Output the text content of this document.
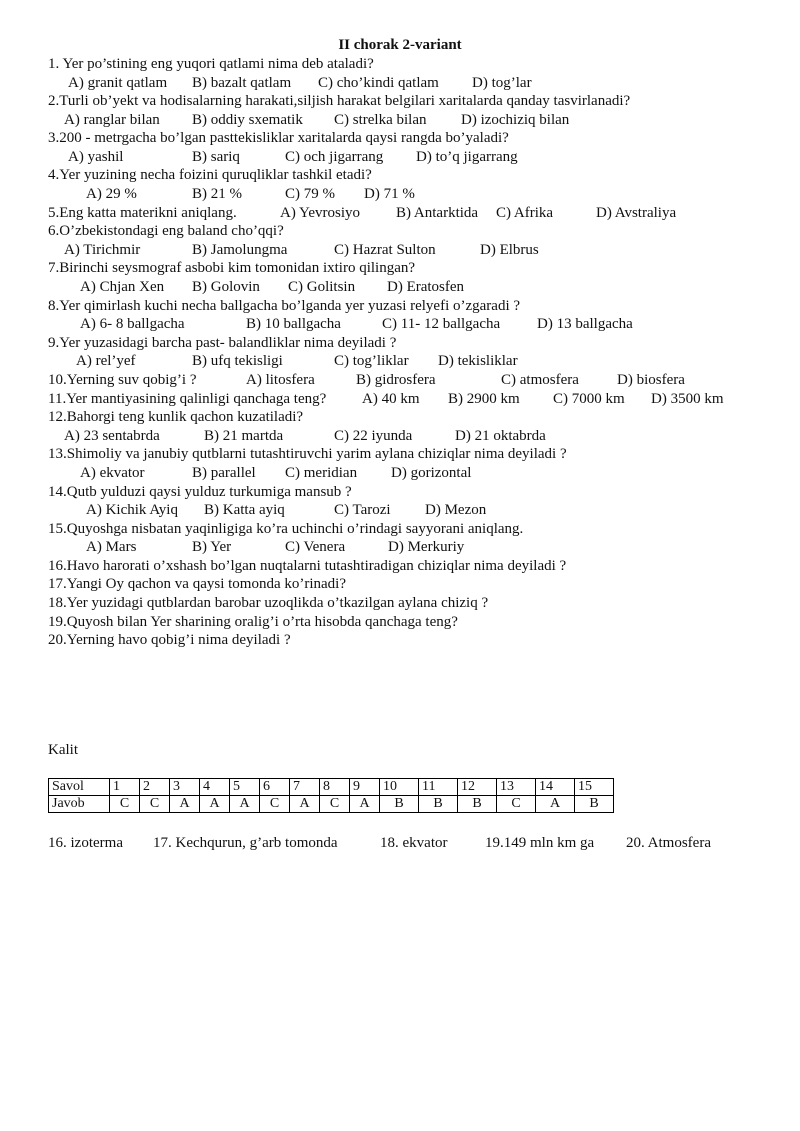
II chorak 2-variant
1. Yer po’stining eng yuqori qatlami nima deb ataladi?
A) granit qatlam B) bazalt qatlam C) cho’kindi qatlam D) tog’lar
2.Turli ob’yekt va hodisalarning harakati,siljish harakat belgilari xaritalarda qanday tasvirlanadi?
A) ranglar bilan B) oddiy sxematik C) strelka bilan D) izochiziq bilan
3.200 - metrgacha bo’lgan pasttekisliklar xaritalarda qaysi rangda bo’yaladi?
A) yashil	B) sariq	C) och jigarrang D) to’q jigarrang
4.Yer yuzining necha foizini quruqliklar tashkil etadi?
A) 29 %	B) 21 %	C) 79 % D) 71 %
5.Eng katta materikni aniqlang.	A) Yevrosiyo B) Antarktida C) Afrika	D) Avstraliya
6.O’zbekistondagi eng baland cho’qqi?
A) Tirichmir	B) Jamolungma	C) Hazrat Sulton	D) Elbrus
7.Birinchi seysmograf asbobi kim tomonidan ixtiro qilingan?
A) Chjan Xen B) Golovin C) Golitsin D) Eratosfen
8.Yer qimirlash kuchi necha ballgacha bo’lganda yer yuzasi relyefi o’zgaradi ?
A) 6- 8 ballgacha	B) 10 ballgacha	C) 11- 12 ballgacha D) 13 ballgacha
9.Yer yuzasidagi barcha past- balandliklar nima deyiladi ?
A) rel’yef	B) ufq tekisligi	C) tog’liklar D) tekisliklar
10.Yerning suv qobig’i ?	A) litosfera	B) gidrosfera	C) atmosfera	D) biosfera
11.Yer mantiyasining qalinligi qanchaga teng? A) 40 km B) 2900 km C) 7000 km D) 3500 km
12.Bahorgi teng kunlik qachon kuzatiladi?
A) 23 sentabrda	B) 21 martda	C) 22 iyunda	D) 21 oktabrda
13.Shimoliy va janubiy qutblarni tutashtiruvchi yarim aylana chiziqlar nima deyiladi ?
A) ekvator	B) parallel C) meridian D) gorizontal
14.Qutb yulduzi qaysi yulduz turkumiga mansub ?
A) Kichik Ayiq B) Katta ayiq	C) Tarozi D) Mezon
15.Quyoshga nisbatan yaqinligiga ko’ra uchinchi o’rindagi sayyorani aniqlang.
A) Mars	B) Yer	C) Venera	D) Merkuriy
16.Havo harorati o’xshash bo’lgan nuqtalarni tutashtiradigan chiziqlar nima deyiladi ?
17.Yangi Oy qachon va qaysi tomonda ko’rinadi?
18.Yer yuzidagi qutblardan barobar uzoqlikda o’tkazilgan aylana chiziq ?
19.Quyosh bilan Yer sharining oralig’i o’rta hisobda qanchaga teng?
20.Yerning havo qobig’i nima deyiladi ?
Kalit
Savol	1	2	3	4	5	6	7	8	9	10	11	12	13	14	15
Javob	C	C	A	A	A	C	A	C	A	B	B	B	C	A	B
16. izoterma 17. Kechqurun, g’arb tomonda	18. ekvator	19.149 mln km ga 20. Atmosfera
